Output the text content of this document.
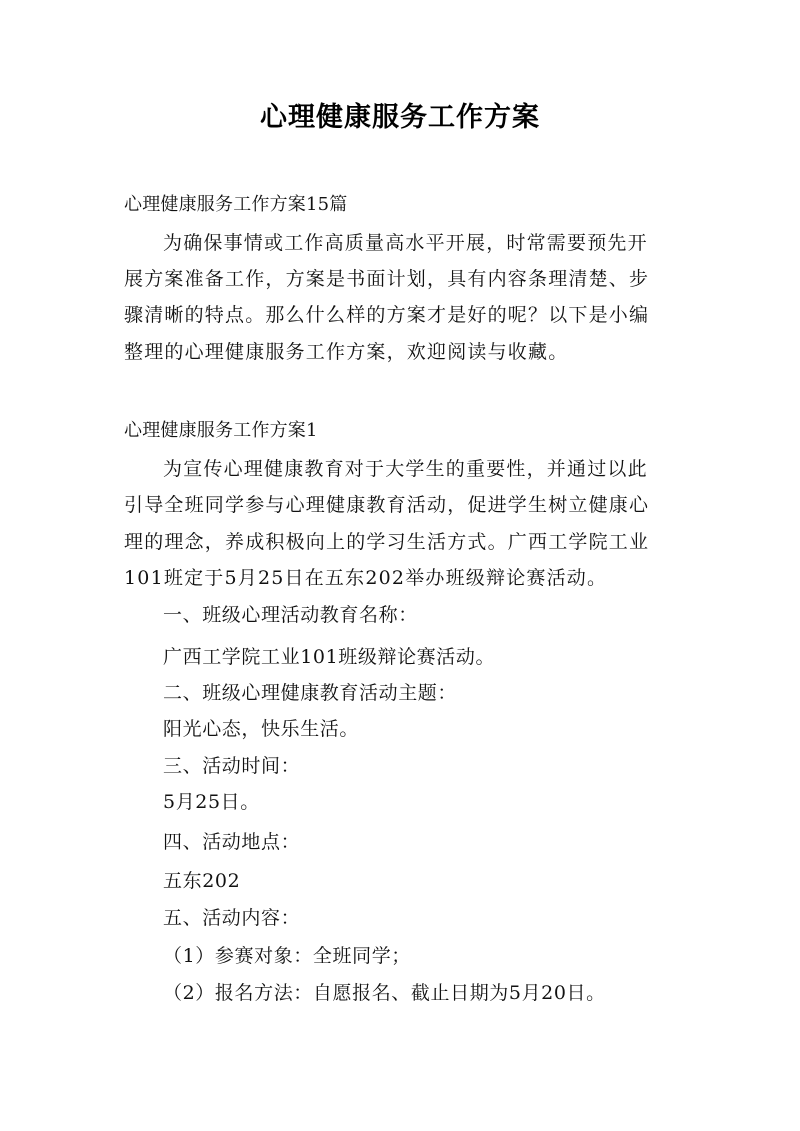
心理健康服务工作方案
心理健康服务工作方案15篇
为确保事情或工作高质量高水平开展，时常需要预先开
展方案准备工作，方案是书面计划，具有内容条理清楚、步
骤清晰的特点。那么什么样的方案才是好的呢？以下是小编
整理的心理健康服务工作方案，欢迎阅读与收藏。
心理健康服务工作方案1
为宣传心理健康教育对于大学生的重要性，并通过以此
引导全班同学参与心理健康教育活动，促进学生树立健康心
理的理念，养成积极向上的学习生活方式。广西工学院工业
101班定于5月25日在五东202举办班级辩论赛活动。
一、班级心理活动教育名称：
广西工学院工业101班级辩论赛活动。
二、班级心理健康教育活动主题：
阳光心态，快乐生活。
三、活动时间：
5月25日。
四、活动地点：
五东202
五、活动内容：
（1）参赛对象：全班同学；
（2）报名方法：自愿报名、截止日期为5月20日。
